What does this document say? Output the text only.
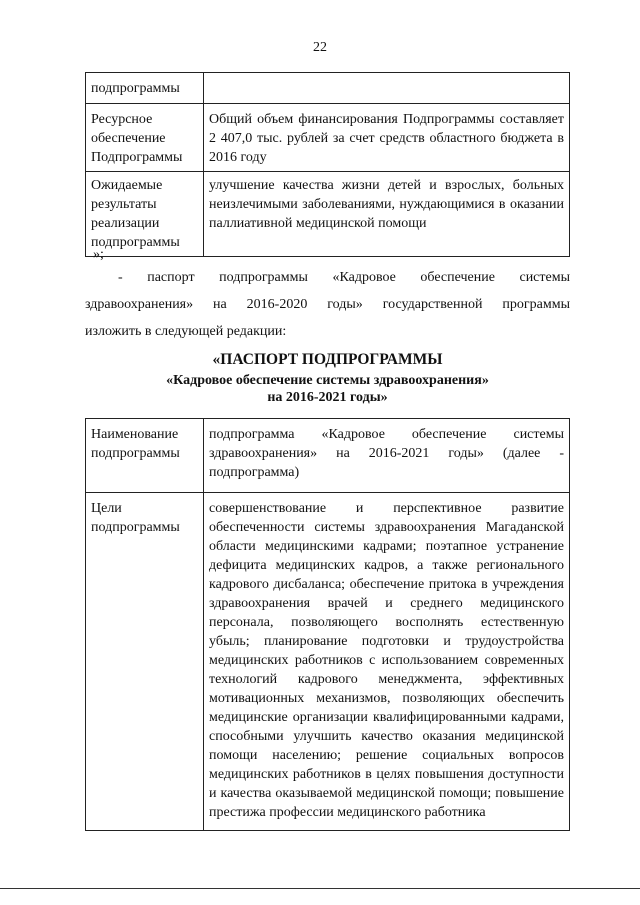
22
подпрограммы	
Ресурсное обеспечение Подпрограммы	Общий объем финансирования Подпрограммы составляет 2 407,0 тыс. рублей за счет средств областного бюджета в 2016 году
Ожидаемые результаты реализации подпрограммы	улучшение качества жизни детей и взрослых, больных неизлечимыми заболеваниями, нуждающимися в оказании паллиативной медицинской помощи
»;
- паспорт подпрограммы «Кадровое обеспечение системы
здравоохранения» на 2016-2020 годы» государственной программы
изложить в следующей редакции:
«ПАСПОРТ ПОДПРОГРАММЫ
«Кадровое обеспечение системы здравоохранения»
на 2016-2021 годы»
Наименование подпрограммы	подпрограмма «Кадровое обеспечение системы здравоохранения» на 2016-2021 годы» (далее - подпрограмма)
Цели подпрограммы	совершенствование и перспективное развитие обеспеченности системы здравоохранения Магаданской области медицинскими кадрами; поэтапное устранение дефицита медицинских кадров, а также регионального кадрового дисбаланса; обеспечение притока в учреждения здравоохранения врачей и среднего медицинского персонала, позволяющего восполнять естественную убыль; планирование подготовки и трудоустройства медицинских работников с использованием современных технологий кадрового менеджмента, эффективных мотивационных механизмов, позволяющих обеспечить медицинские организации квалифицированными кадрами, способными улучшить качество оказания медицинской помощи населению; решение социальных вопросов медицинских работников в целях повышения доступности и качества оказываемой медицинской помощи; повышение престижа профессии медицинского работника
